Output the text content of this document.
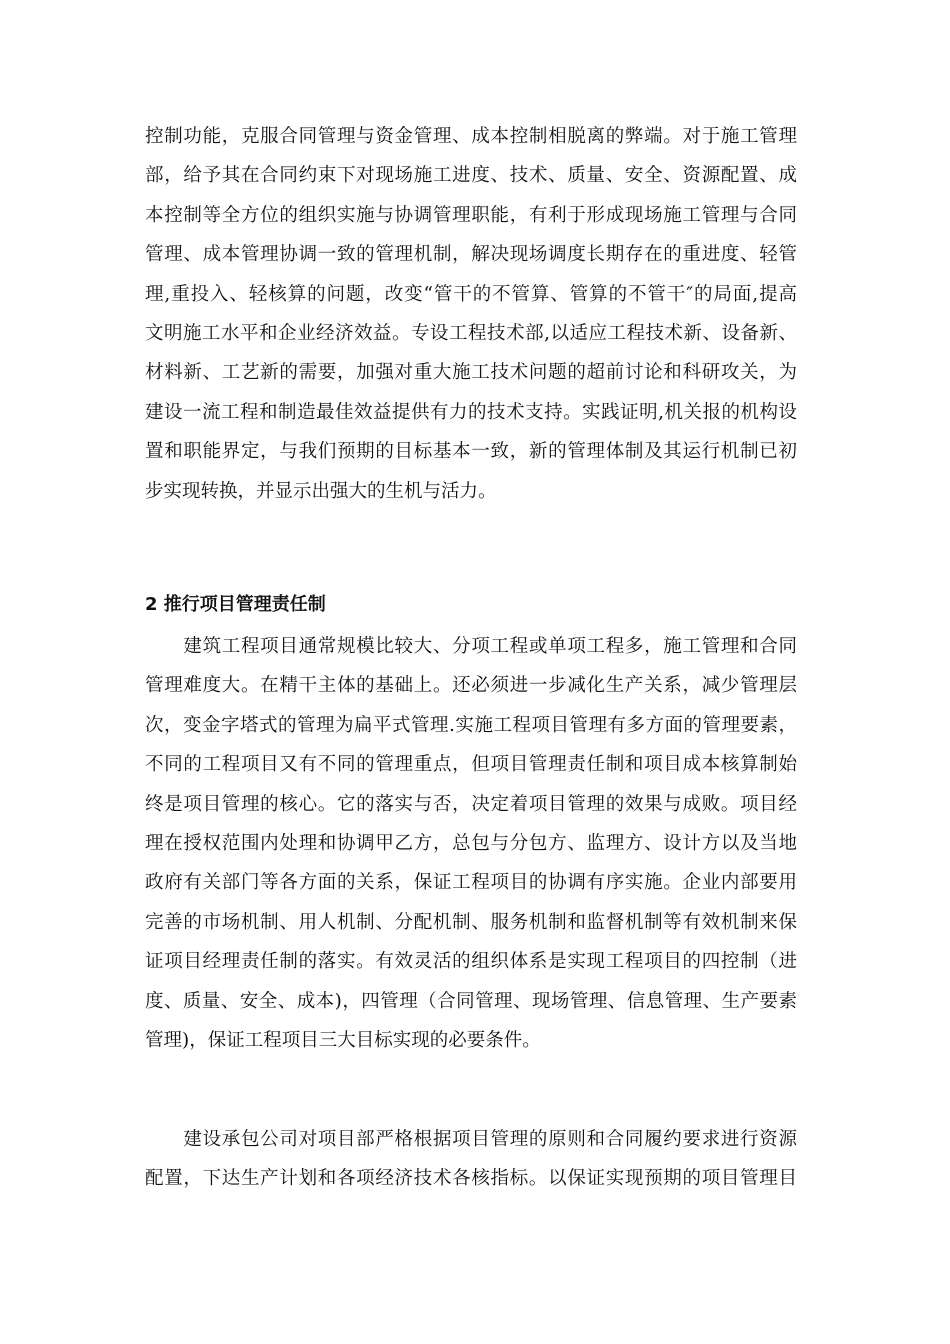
控制功能，克服合同管理与资金管理、成本控制相脱离的弊端。对于施工管理
部，给予其在合同约束下对现场施工进度、技术、质量、安全、资源配置、成
本控制等全方位的组织实施与协调管理职能，有利于形成现场施工管理与合同
管理、成本管理协调一致的管理机制，解决现场调度长期存在的重进度、轻管
理,重投入、轻核算的问题，改变“管干的不管算、管算的不管干″的局面,提高
文明施工水平和企业经济效益。专设工程技术部,以适应工程技术新、设备新、
材料新、工艺新的需要，加强对重大施工技术问题的超前讨论和科研攻关，为
建设一流工程和制造最佳效益提供有力的技术支持。实践证明,机关报的机构设
置和职能界定，与我们预期的目标基本一致，新的管理体制及其运行机制已初
步实现转换，并显示出强大的生机与活力。
2 推行项目管理责任制
　　建筑工程项目通常规模比较大、分项工程或单项工程多，施工管理和合同
管理难度大。在精干主体的基础上。还必须进一步减化生产关系，减少管理层
次，变金字塔式的管理为扁平式管理.实施工程项目管理有多方面的管理要素，
不同的工程项目又有不同的管理重点，但项目管理责任制和项目成本核算制始
终是项目管理的核心。它的落实与否，决定着项目管理的效果与成败。项目经
理在授权范围内处理和协调甲乙方，总包与分包方、监理方、设计方以及当地
政府有关部门等各方面的关系，保证工程项目的协调有序实施。企业内部要用
完善的市场机制、用人机制、分配机制、服务机制和监督机制等有效机制来保
证项目经理责任制的落实。有效灵活的组织体系是实现工程项目的四控制（进
度、质量、安全、成本)，四管理（合同管理、现场管理、信息管理、生产要素
管理)，保证工程项目三大目标实现的必要条件。
　　建设承包公司对项目部严格根据项目管理的原则和合同履约要求进行资源
配置，下达生产计划和各项经济技术各核指标。以保证实现预期的项目管理目
